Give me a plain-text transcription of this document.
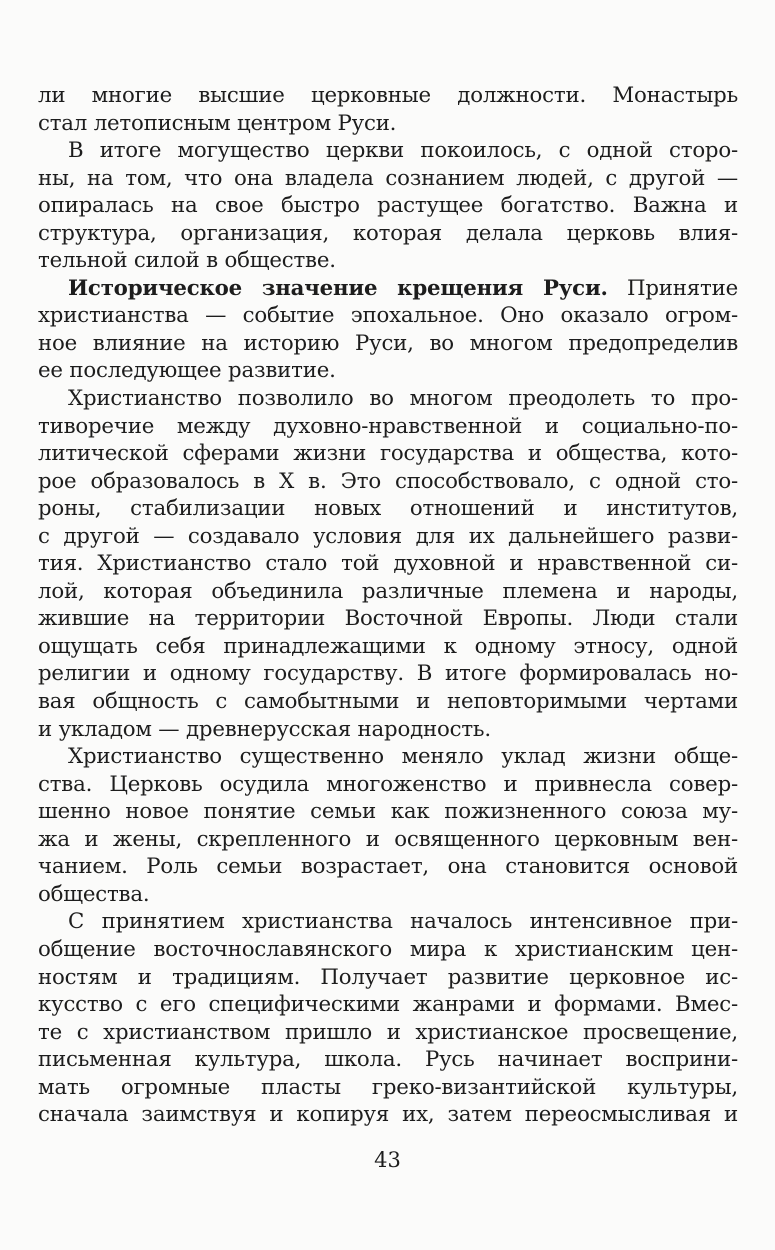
ли многие высшие церковные должности. Монастырь
стал летописным центром Руси.
В итоге могущество церкви покоилось, с одной сторо-
ны, на том, что она владела сознанием людей, с другой —
опиралась на свое быстро растущее богатство. Важна и
структура, организация, которая делала церковь влия-
тельной силой в обществе.
Историческое значение крещения Руси. Принятие
христианства — событие эпохальное. Оно оказало огром-
ное влияние на историю Руси, во многом предопределив
ее последующее развитие.
Христианство позволило во многом преодолеть то про-
тиворечие между духовно-нравственной и социально-по-
литической сферами жизни государства и общества, кото-
рое образовалось в X в. Это способствовало, с одной сто-
роны, стабилизации новых отношений и институтов,
с другой — создавало условия для их дальнейшего разви-
тия. Христианство стало той духовной и нравственной си-
лой, которая объединила различные племена и народы,
жившие на территории Восточной Европы. Люди стали
ощущать себя принадлежащими к одному этносу, одной
религии и одному государству. В итоге формировалась но-
вая общность с самобытными и неповторимыми чертами
и укладом — древнерусская народность.
Христианство существенно меняло уклад жизни обще-
ства. Церковь осудила многоженство и привнесла совер-
шенно новое понятие семьи как пожизненного союза му-
жа и жены, скрепленного и освященного церковным вен-
чанием. Роль семьи возрастает, она становится основой
общества.
С принятием христианства началось интенсивное при-
общение восточнославянского мира к христианским цен-
ностям и традициям. Получает развитие церковное ис-
кусство с его специфическими жанрами и формами. Вмес-
те с христианством пришло и христианское просвещение,
письменная культура, школа. Русь начинает восприни-
мать огромные пласты греко-византийской культуры,
сначала заимствуя и копируя их, затем переосмысливая и
43
